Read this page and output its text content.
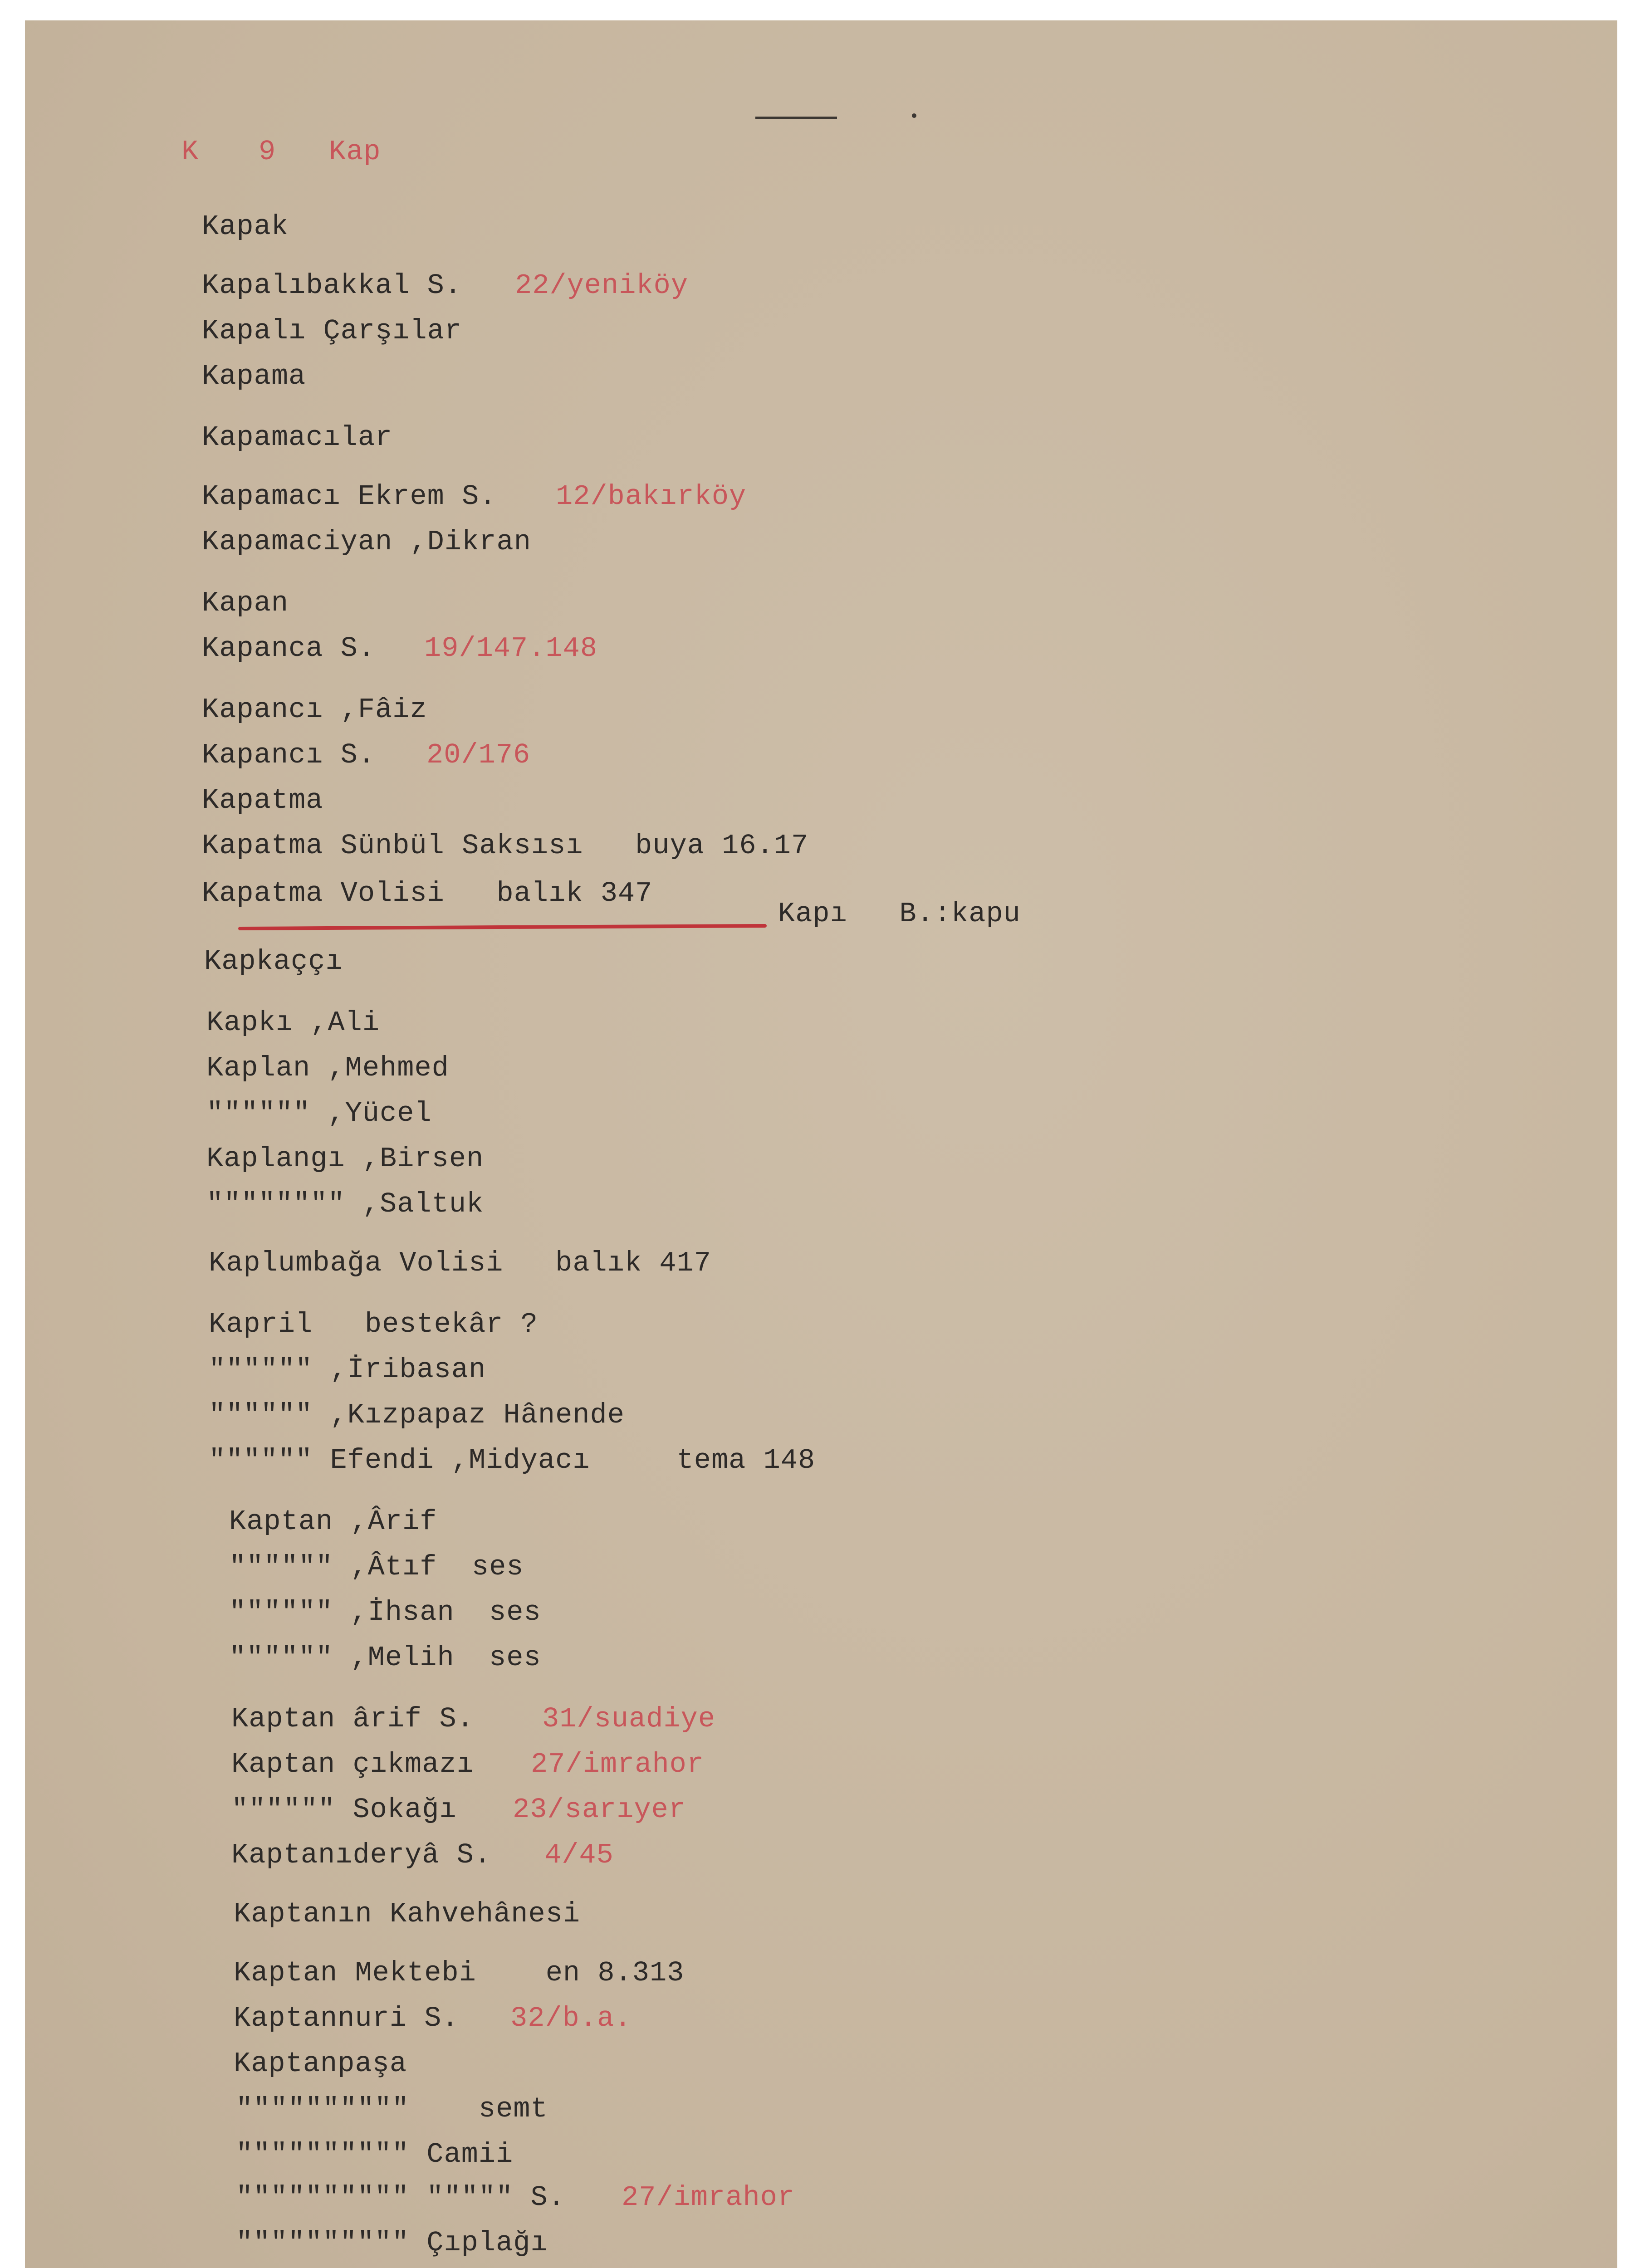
K 9 Kap
Kapak
Kapalıbakkal S. 22/yeniköy
Kapalı Çarşılar
Kapama
Kapamacılar
Kapamacı Ekrem S. 12/bakırköy
Kapamaciyan ,Dikran
Kapan
Kapanca S. 19/147.148
Kapancı ,Fâiz
Kapancı S. 20/176
Kapatma
Kapatma Sünbül Saksısı   buya 16.17
Kapatma Volisi   balık 347
Kapı   B.:kapu
Kapkaççı
Kapkı ,Ali
Kaplan ,Mehmed
"""""" ,Yücel
Kaplangı ,Birsen
"""""""" ,Saltuk
Kaplumbağa Volisi   balık 417
Kapril   bestekâr ?
"""""" ,İribasan
"""""" ,Kızpapaz Hânende
"""""" Efendi ,Midyacı     tema 148
Kaptan ,Ârif
"""""" ,Âtıf  ses
"""""" ,İhsan  ses
"""""" ,Melih  ses
Kaptan ârif S. 31/suadiye
Kaptan çıkmazı 27/imrahor
"""""" Sokağı 23/sarıyer
Kaptanıderyâ S. 4/45
Kaptanın Kahvehânesi
Kaptan Mektebi    en 8.313
Kaptannuri S. 32/b.a.
Kaptanpaşa
""""""""""    semt
"""""""""" Camii
"""""""""" """"" S. 27/imrahor
"""""""""" Çıplağı
